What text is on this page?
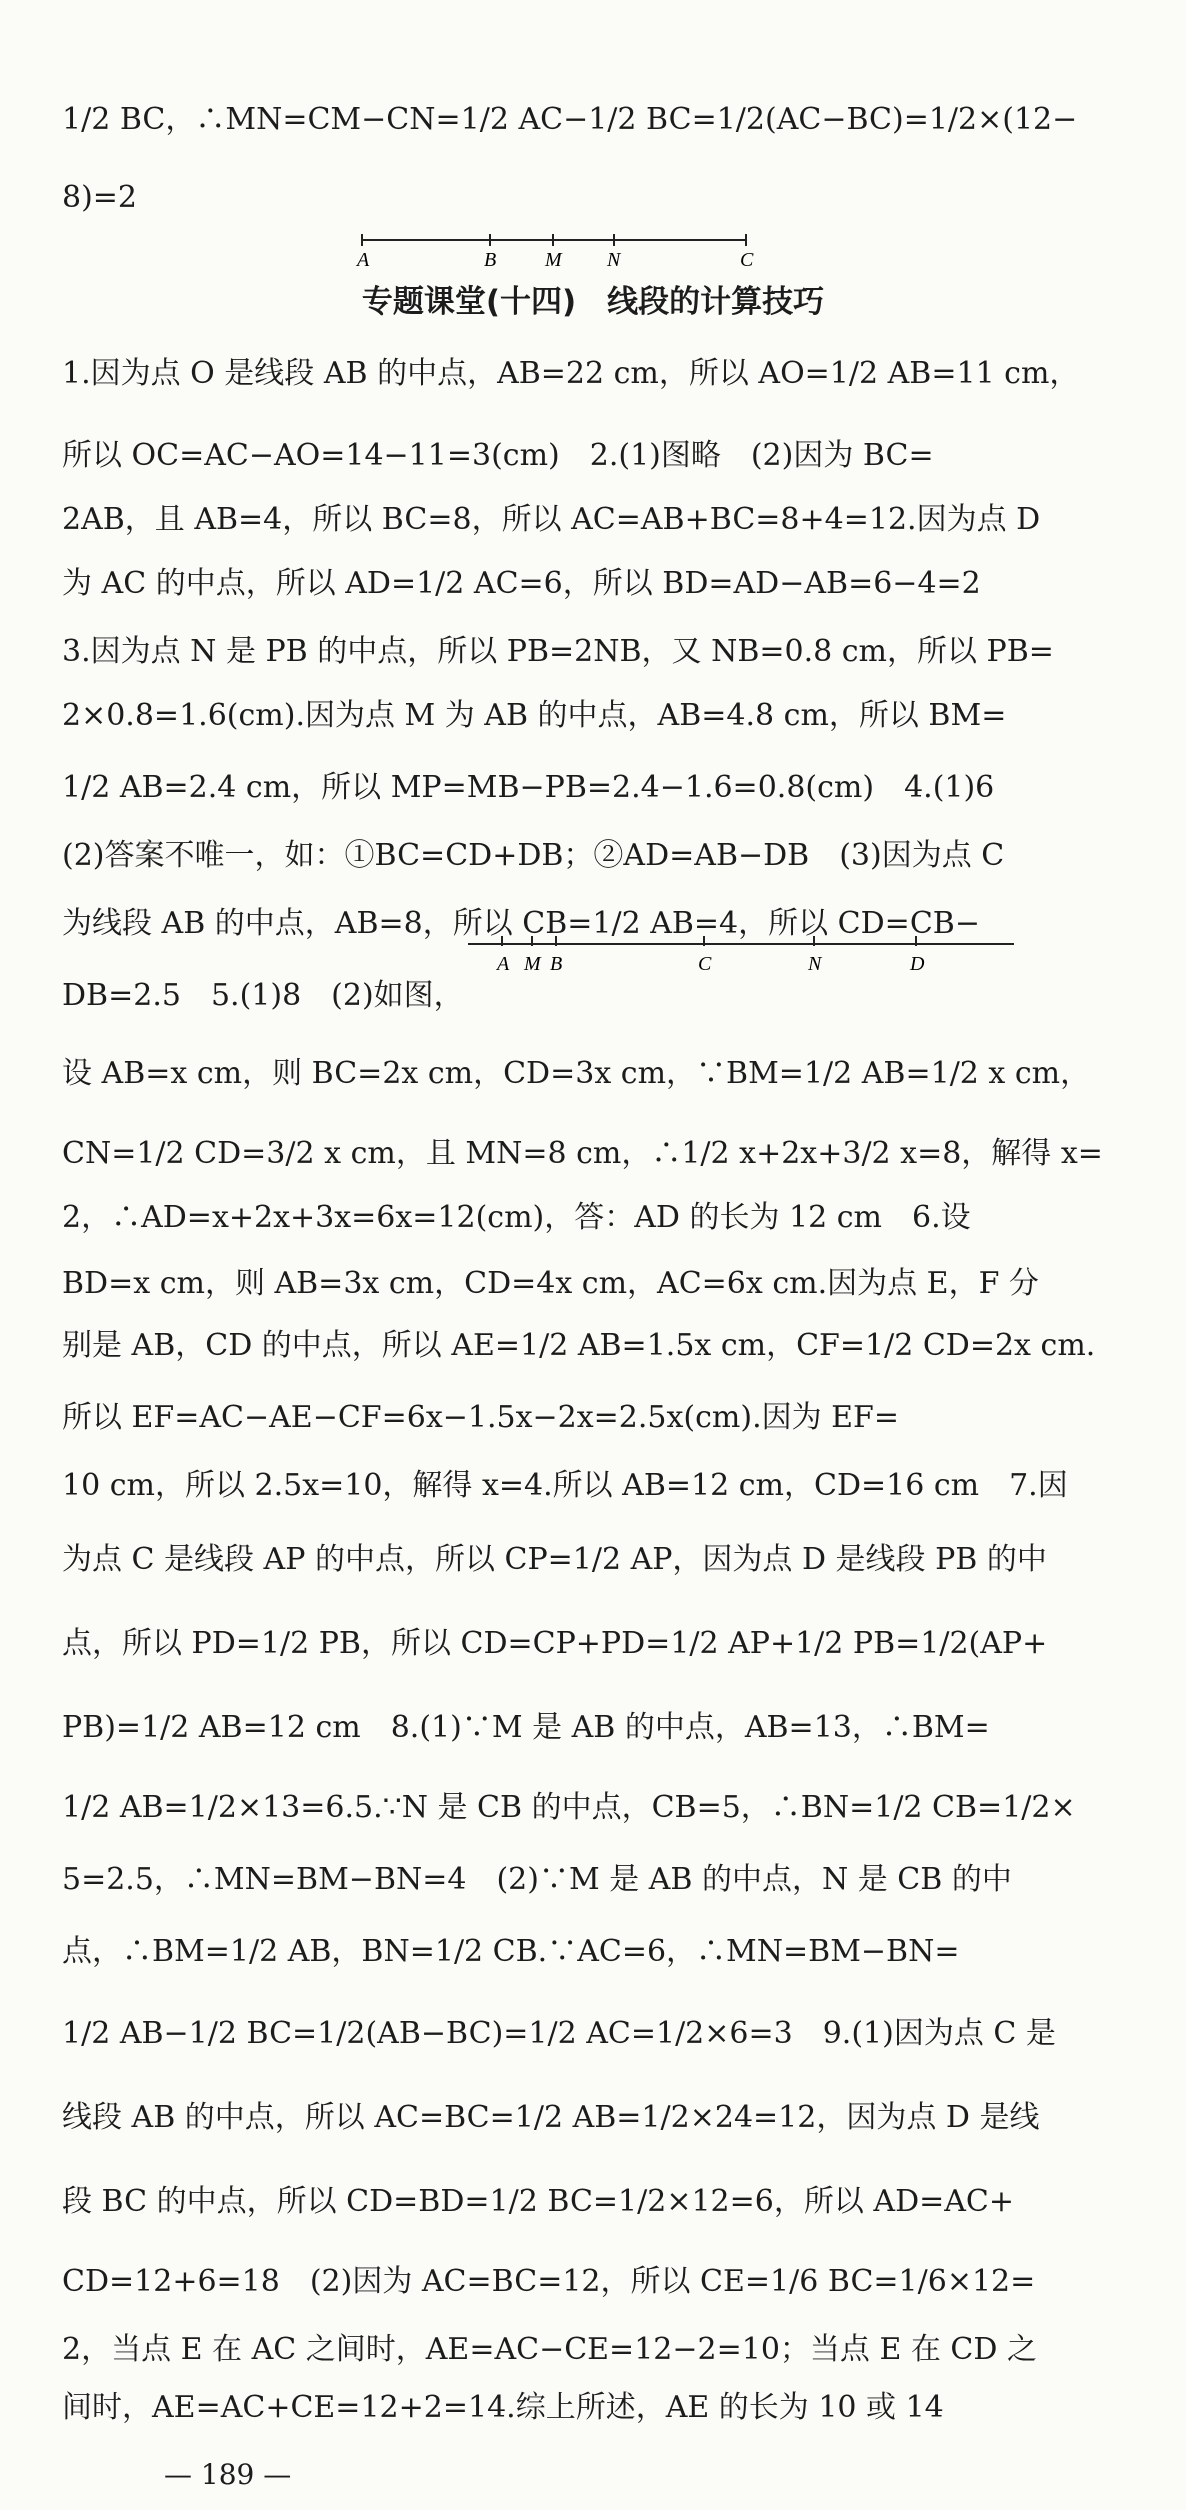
A	B M N	C
专题课堂(十四)　线段的计算技巧
A M B	C	N	D
1/2 BC，∴MN=CM−CN=1/2 AC−1/2 BC=1/2(AC−BC)=1/2×(12−
8)=2
1.因为点 O 是线段 AB 的中点，AB=22 cm，所以 AO=1/2 AB=11 cm，
所以 OC=AC−AO=14−11=3(cm)　2.(1)图略　(2)因为 BC=
2AB，且 AB=4，所以 BC=8，所以 AC=AB+BC=8+4=12.因为点 D
为 AC 的中点，所以 AD=1/2 AC=6，所以 BD=AD−AB=6−4=2
3.因为点 N 是 PB 的中点，所以 PB=2NB，又 NB=0.8 cm，所以 PB=
2×0.8=1.6(cm).因为点 M 为 AB 的中点，AB=4.8 cm，所以 BM=
1/2 AB=2.4 cm，所以 MP=MB−PB=2.4−1.6=0.8(cm)　4.(1)6
(2)答案不唯一，如：①BC=CD+DB；②AD=AB−DB　(3)因为点 C
为线段 AB 的中点，AB=8，所以 CB=1/2 AB=4，所以 CD=CB−
DB=2.5　5.(1)8　(2)如图，
设 AB=x cm，则 BC=2x cm，CD=3x cm，∵BM=1/2 AB=1/2 x cm，
CN=1/2 CD=3/2 x cm，且 MN=8 cm，∴1/2 x+2x+3/2 x=8，解得 x=
2，∴AD=x+2x+3x=6x=12(cm)，答：AD 的长为 12 cm　6.设
BD=x cm，则 AB=3x cm，CD=4x cm，AC=6x cm.因为点 E，F 分
别是 AB，CD 的中点，所以 AE=1/2 AB=1.5x cm，CF=1/2 CD=2x cm.
所以 EF=AC−AE−CF=6x−1.5x−2x=2.5x(cm).因为 EF=
10 cm，所以 2.5x=10，解得 x=4.所以 AB=12 cm，CD=16 cm　7.因
为点 C 是线段 AP 的中点，所以 CP=1/2 AP，因为点 D 是线段 PB 的中
点，所以 PD=1/2 PB，所以 CD=CP+PD=1/2 AP+1/2 PB=1/2(AP+
PB)=1/2 AB=12 cm　8.(1)∵M 是 AB 的中点，AB=13，∴BM=
1/2 AB=1/2×13=6.5.∵N 是 CB 的中点，CB=5，∴BN=1/2 CB=1/2×
5=2.5，∴MN=BM−BN=4　(2)∵M 是 AB 的中点，N 是 CB 的中
点，∴BM=1/2 AB，BN=1/2 CB.∵AC=6，∴MN=BM−BN=
1/2 AB−1/2 BC=1/2(AB−BC)=1/2 AC=1/2×6=3　9.(1)因为点 C 是
线段 AB 的中点，所以 AC=BC=1/2 AB=1/2×24=12，因为点 D 是线
段 BC 的中点，所以 CD=BD=1/2 BC=1/2×12=6，所以 AD=AC+
CD=12+6=18　(2)因为 AC=BC=12，所以 CE=1/6 BC=1/6×12=
2，当点 E 在 AC 之间时，AE=AC−CE=12−2=10；当点 E 在 CD 之
间时，AE=AC+CE=12+2=14.综上所述，AE 的长为 10 或 14
— 189 —
